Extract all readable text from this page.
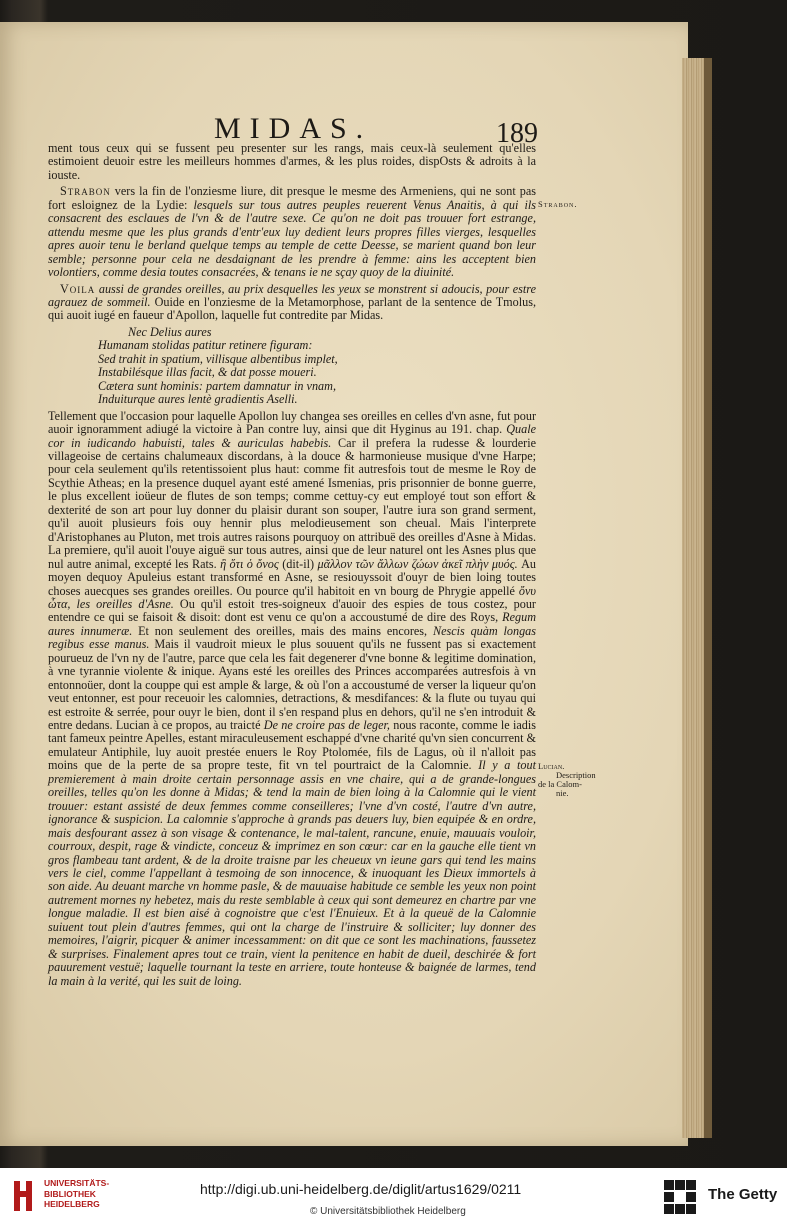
MIDAS.	189

ment tous ceux qui se fussent peu presenter sur les rangs, mais ceux-là seulement qu'elles estimoient deuoir estre les meilleurs hommes d'armes, & les plus roides, dispOsts & adroits à la iouste.

Strabon vers la fin de l'onziesme liure, dit presque le mesme des Armeniens, qui ne sont pas fort esloignez de la Lydie: lesquels sur tous autres peuples reuerent Venus Anaitis, à qui ils consacrent des esclaues de l'vn & de l'autre sexe. Ce qu'on ne doit pas trouuer fort estrange, attendu mesme que les plus grands d'entr'eux luy dedient leurs propres filles vierges, lesquelles apres auoir tenu le berland quelque temps au temple de cette Deesse, se marient quand bon leur semble; personne pour cela ne desdaignant de les prendre à femme: ains les acceptent bien volontiers, comme desia toutes consacrées, & tenans ie ne sçay quoy de la diuinité.

Voila aussi de grandes oreilles, au prix desquelles les yeux se monstrent si adoucis, pour estre agrauez de sommeil. Ouide en l'onziesme de la Metamorphose, parlant de la sentence de Tmolus, qui auoit iugé en faueur d'Apollon, laquelle fut contredite par Midas.

Nec Delius aures
Humanam stolidas patitur retinere figuram:
Sed trahit in spatium, villisque albentibus implet,
Instabilésque illas facit, & dat posse moueri.
Cætera sunt hominis: partem damnatur in vnam,
Induiturque aures lentè gradientis Aselli.

Tellement que l'occasion pour laquelle Apollon luy changea ses oreilles en celles d'vn asne, fut pour auoir ignoramment adiugé la victoire à Pan contre luy, ainsi que dit Hyginus au 191. chap. Quale cor in iudicando habuisti, tales & auriculas habebis. Car il prefera la rudesse & lourderie villageoise de certains chalumeaux discordans, à la douce & harmonieuse musique d'vne Harpe; pour cela seulement qu'ils retentissoient plus haut: comme fit autresfois tout de mesme le Roy de Scythie Atheas; en la presence duquel ayant esté amené Ismenias, pris prisonnier de bonne guerre, le plus excellent ioüeur de flutes de son temps; comme cettuy-cy eut employé tout son effort & dexterité de son art pour luy donner du plaisir durant son souper, l'autre iura son grand serment, qu'il auoit plusieurs fois ouy hennir plus melodieusement son cheual. Mais l'interprete d'Aristophanes au Pluton, met trois autres raisons pourquoy on attribuë des oreilles d'Asne à Midas. La premiere, qu'il auoit l'ouye aiguë sur tous autres, ainsi que de leur naturel ont les Asnes plus que nul autre animal, excepté les Rats. ἢ ὅτι ὁ ὄνος (dit-il) μᾶλλον τῶν ἄλλων ζώων ἀκεῖ πλὴν μυός. Au moyen dequoy Apuleius estant transformé en Asne, se resiouyssoit d'ouyr de bien loing toutes choses auecques ses grandes oreilles. Ou pource qu'il habitoit en vn bourg de Phrygie appellé ὄνυ ὦτα, les oreilles d'Asne. Ou qu'il estoit tres-soigneux d'auoir des espies de tous costez, pour entendre ce qui se faisoit & disoit: dont est venu ce qu'on a accoustumé de dire des Roys, Regum aures innumeræ. Et non seulement des oreilles, mais des mains encores, Nescis quàm longas regibus esse manus. Mais il vaudroit mieux le plus souuent qu'ils ne fussent pas si exactement pourueuz de l'vn ny de l'autre, parce que cela les fait degenerer d'vne bonne & legitime domination, à vne tyrannie violente & inique. Ayans esté les oreilles des Princes accomparées autresfois à vn entonnoüer, dont la couppe qui est ample & large, & où l'on a accoustumé de verser la liqueur qu'on veut entonner, est pour receuoir les calomnies, detractions, & mesdifances: & la flute ou tuyau qui est estroite & serrée, pour ouyr le bien, dont il s'en respand plus en dehors, qu'il ne s'en introduit & entre dedans. Lucian à ce propos, au traicté De ne croire pas de leger, nous raconte, comme le iadis tant fameux peintre Apelles, estant miraculeusement eschappé d'vne charité qu'vn sien concurrent & emulateur Antiphile, luy auoit prestée enuers le Roy Ptolomée, fils de Lagus, où il n'alloit pas moins que de la perte de sa propre teste, fit vn tel pourtraict de la Calomnie. Il y a tout premierement à main droite certain personnage assis en vne chaire, qui a de grande-longues oreilles, telles qu'on les donne à Midas; & tend la main de bien loing à la Calomnie qui le vient trouuer: estant assisté de deux femmes comme conseilleres; l'vne d'vn costé, l'autre d'vn autre, ignorance & suspicion. La calomnie s'approche à grands pas deuers luy, bien equipée & en ordre, mais desfourant assez à son visage & contenance, le mal-talent, rancune, enuie, mauuais vouloir, courroux, despit, rage & vindicte, conceuz & imprimez en son cœur: car en la gauche elle tient vn gros flambeau tant ardent, & de la droite traisne par les cheueux vn ieune gars qui tend les mains vers le ciel, comme l'appellant à tesmoing de son innocence, & inuoquant les Dieux immortels à son aide. Au deuant marche vn homme pasle, & de mauuaise habitude ce semble les yeux non point autrement mornes ny hebetez, mais du reste semblable à ceux qui sont demeurez en chartre par vne longue maladie. Il est bien aisé à cognoistre que c'est l'Enuieux. Et à la queuë de la Calomnie suiuent tout plein d'autres femmes, qui ont la charge de l'instruire & solliciter; luy donner des memoires, l'aigrir, picquer & animer incessamment: on dit que ce sont les machinations, faussetez & surprises. Finalement apres tout ce train, vient la penitence en habit de dueil, deschirée & fort pauurement vestuë; laquelle tournant la teste en arriere, toute honteuse & baignée de larmes, tend la main à la verité, qui les suit de loing.

Strabon.
Lucian.
Description
de la Calom-
nie.
UNIVERSITÄTS-
BIBLIOTHEK
HEIDELBERG
http://digi.ub.uni-heidelberg.de/diglit/artus1629/0211
© Universitätsbibliothek Heidelberg
The Getty
